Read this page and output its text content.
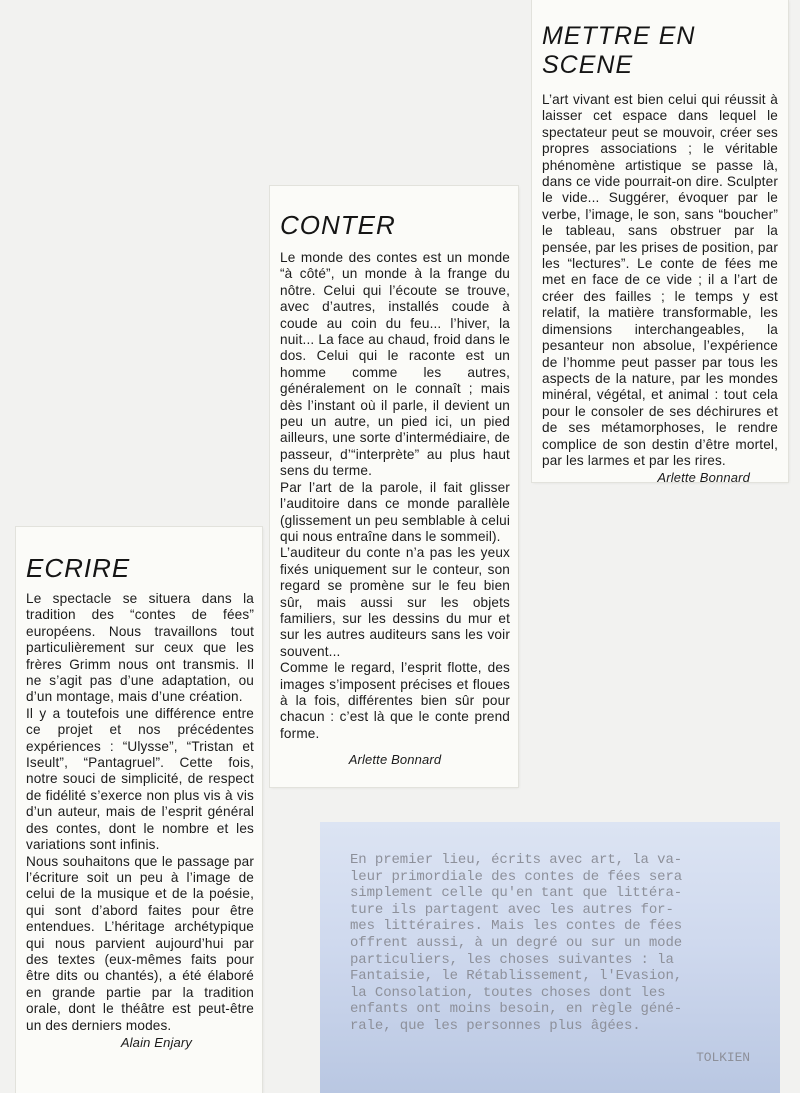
METTRE EN SCENE

L’art vivant est bien celui qui réussit à laisser cet espace dans lequel le spectateur peut se mouvoir, créer ses propres associations ; le véritable phénomène artistique se passe là, dans ce vide pourrait-on dire. Sculpter le vide... Suggérer, évoquer par le verbe, l’image, le son, sans “boucher” le tableau, sans obstruer par la pensée, par les prises de position, par les “lectures”. Le conte de fées me met en face de ce vide ; il a l’art de créer des failles ; le temps y est relatif, la matière transformable, les dimensions interchangeables, la pesanteur non absolue, l’expérience de l’homme peut passer par tous les aspects de la nature, par les mondes minéral, végétal, et animal : tout cela pour le consoler de ses déchirures et de ses métamorphoses, le rendre complice de son destin d’être mortel, par les larmes et par les rires.

Arlette Bonnard

CONTER

Le monde des contes est un monde “à côté”, un monde à la frange du nôtre. Celui qui l’écoute se trouve, avec d’autres, installés coude à coude au coin du feu... l’hiver, la nuit... La face au chaud, froid dans le dos. Celui qui le raconte est un homme comme les autres, généralement on le connaît ; mais dès l’instant où il parle, il devient un peu un autre, un pied ici, un pied ailleurs, une sorte d’intermédiaire, de passeur, d’“interprète” au plus haut sens du terme.

Par l’art de la parole, il fait glisser l’auditoire dans ce monde parallèle (glissement un peu semblable à celui qui nous entraîne dans le sommeil).

L’auditeur du conte n’a pas les yeux fixés uniquement sur le conteur, son regard se promène sur le feu bien sûr, mais aussi sur les objets familiers, sur les dessins du mur et sur les autres auditeurs sans les voir souvent...

Comme le regard, l’esprit flotte, des images s’imposent précises et floues à la fois, différentes bien sûr pour chacun : c’est là que le conte prend forme.

Arlette Bonnard

ECRIRE

Le spectacle se situera dans la tradition des “contes de fées” européens. Nous travaillons tout particulièrement sur ceux que les frères Grimm nous ont transmis. Il ne s’agit pas d’une adaptation, ou d’un montage, mais d’une création.

Il y a toutefois une différence entre ce projet et nos précédentes expériences : “Ulysse”, “Tristan et Iseult”, “Pantagruel”. Cette fois, notre souci de simplicité, de respect de fidélité s’exerce non plus vis à vis d’un auteur, mais de l’esprit général des contes, dont le nombre et les variations sont infinis.

Nous souhaitons que le passage par l’écriture soit un peu à l’image de celui de la musique et de la poésie, qui sont d’abord faites pour être entendues. L’héritage archétypique qui nous parvient aujourd’hui par des textes (eux-mêmes faits pour être dits ou chantés), a été élaboré en grande partie par la tradition orale, dont le théâtre est peut-être un des derniers modes.

Alain Enjary

En premier lieu, écrits avec art, la va-
leur primordiale des contes de fées sera
simplement celle qu'en tant que littéra-
ture ils partagent avec les autres for-
mes littéraires. Mais les contes de fées
offrent aussi, à un degré ou sur un mode
particuliers, les choses suivantes : la
Fantaisie, le Rétablissement, l'Evasion,
la Consolation, toutes choses dont les
enfants ont moins besoin, en règle géné-
rale, que les personnes plus âgées.

TOLKIEN
